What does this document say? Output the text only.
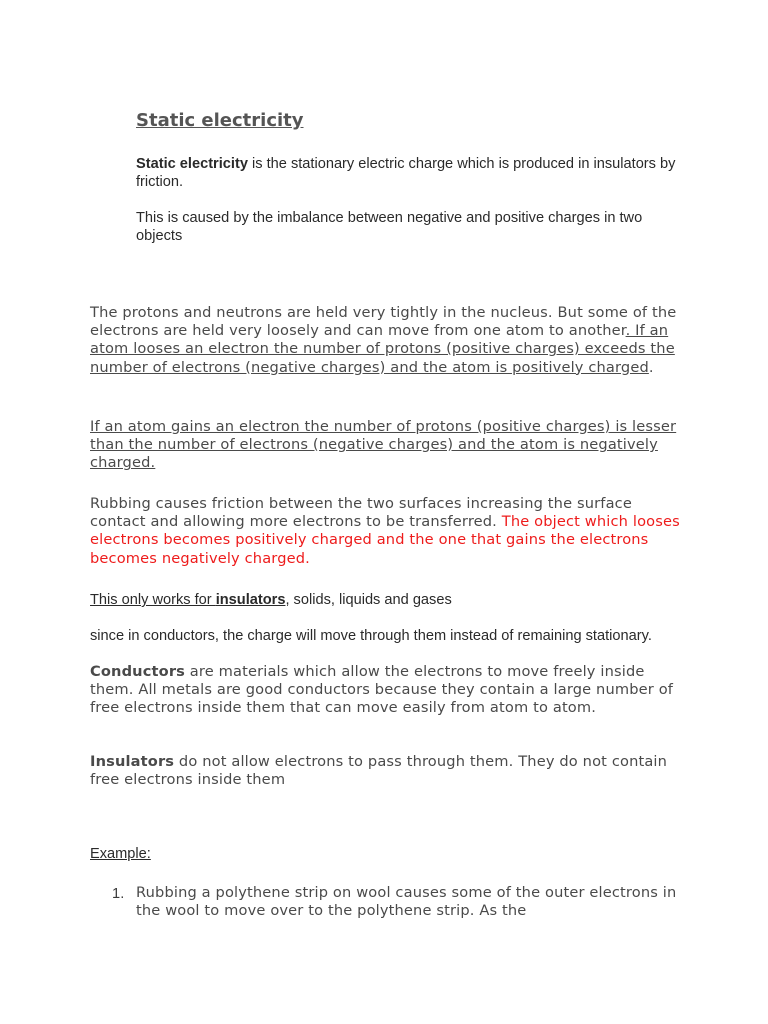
Static electricity

Static electricity is the stationary electric charge which is produced in insulators by friction.

This is caused by the imbalance between negative and positive charges in two objects

The protons and neutrons are held very tightly in the nucleus. But some of the electrons are held very loosely and can move from one atom to another. If an atom looses an electron the number of protons (positive charges) exceeds the number of electrons (negative charges) and the atom is positively charged.

If an atom gains an electron the number of protons (positive charges) is lesser than the number of electrons (negative charges) and the atom is negatively charged.

Rubbing causes friction between the two surfaces increasing the surface contact and allowing more electrons to be transferred. The object which looses electrons becomes positively charged and the one that gains the electrons becomes negatively charged.

This only works for insulators, solids, liquids and gases

since in conductors, the charge will move through them instead of remaining stationary.

Conductors are materials which allow the electrons to move freely inside them. All metals are good conductors because they contain a large number of free electrons inside them that can move easily from atom to atom.

Insulators do not allow electrons to pass through them. They do not contain free electrons inside them

Example:

1. Rubbing a polythene strip on wool causes some of the outer electrons in the wool to move over to the polythene strip. As the
